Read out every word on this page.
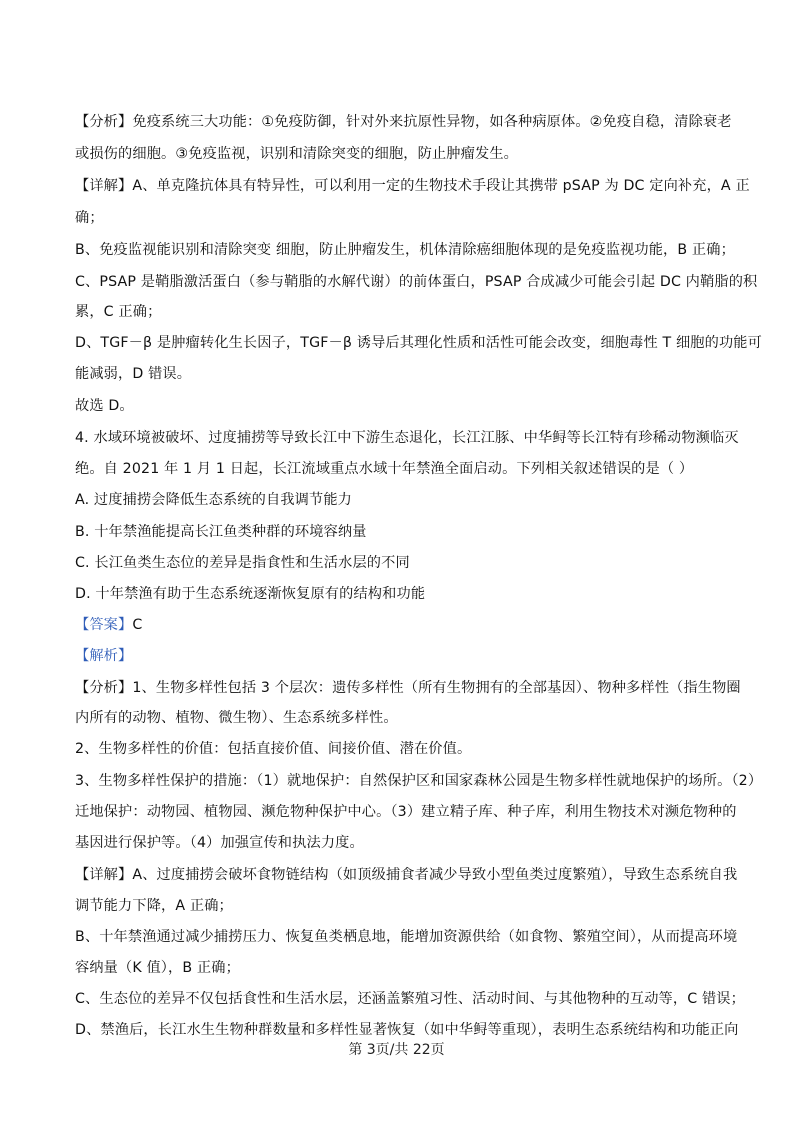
【分析】免疫系统三大功能：①免疫防御，针对外来抗原性异物，如各种病原体。②免疫自稳，清除衰老
或损伤的细胞。③免疫监视，识别和清除突变的细胞，防止肿瘤发生。
【详解】A、单克隆抗体具有特异性，可以利用一定的生物技术手段让其携带 pSAP 为 DC 定向补充，A 正
确；
B、免疫监视能识别和清除突变 细胞，防止肿瘤发生，机体清除癌细胞体现的是免疫监视功能，B 正确；
C、PSAP 是鞘脂激活蛋白（参与鞘脂的水解代谢）的前体蛋白，PSAP 合成减少可能会引起 DC 内鞘脂的积
累，C 正确；
D、TGF－β 是肿瘤转化生长因子，TGF－β 诱导后其理化性质和活性可能会改变，细胞毒性 T 细胞的功能可
能减弱，D 错误。
故选 D。
4. 水域环境被破坏、过度捕捞等导致长江中下游生态退化，长江江豚、中华鲟等长江特有珍稀动物濒临灭
绝。自 2021 年 1 月 1 日起，长江流域重点水域十年禁渔全面启动。下列相关叙述错误的是（ ）
A. 过度捕捞会降低生态系统的自我调节能力
B. 十年禁渔能提高长江鱼类种群的环境容纳量
C. 长江鱼类生态位的差异是指食性和生活水层的不同
D. 十年禁渔有助于生态系统逐渐恢复原有的结构和功能
【答案】C
【解析】
【分析】1、生物多样性包括 3 个层次：遗传多样性（所有生物拥有的全部基因）、物种多样性（指生物圈
内所有的动物、植物、微生物）、生态系统多样性。
2、生物多样性的价值：包括直接价值、间接价值、潜在价值。
3、生物多样性保护的措施：（1）就地保护：自然保护区和国家森林公园是生物多样性就地保护的场所。（2）
迁地保护：动物园、植物园、濒危物种保护中心。（3）建立精子库、种子库，利用生物技术对濒危物种的
基因进行保护等。（4）加强宣传和执法力度。
【详解】A、过度捕捞会破坏食物链结构（如顶级捕食者减少导致小型鱼类过度繁殖），导致生态系统自我
调节能力下降，A 正确；
B、十年禁渔通过减少捕捞压力、恢复鱼类栖息地，能增加资源供给（如食物、繁殖空间），从而提高环境
容纳量（K 值），B 正确；
C、生态位的差异不仅包括食性和生活水层，还涵盖繁殖习性、活动时间、与其他物种的互动等，C 错误；
D、禁渔后，长江水生生物种群数量和多样性显著恢复（如中华鲟等重现），表明生态系统结构和功能正向
第 3页/共 22页
